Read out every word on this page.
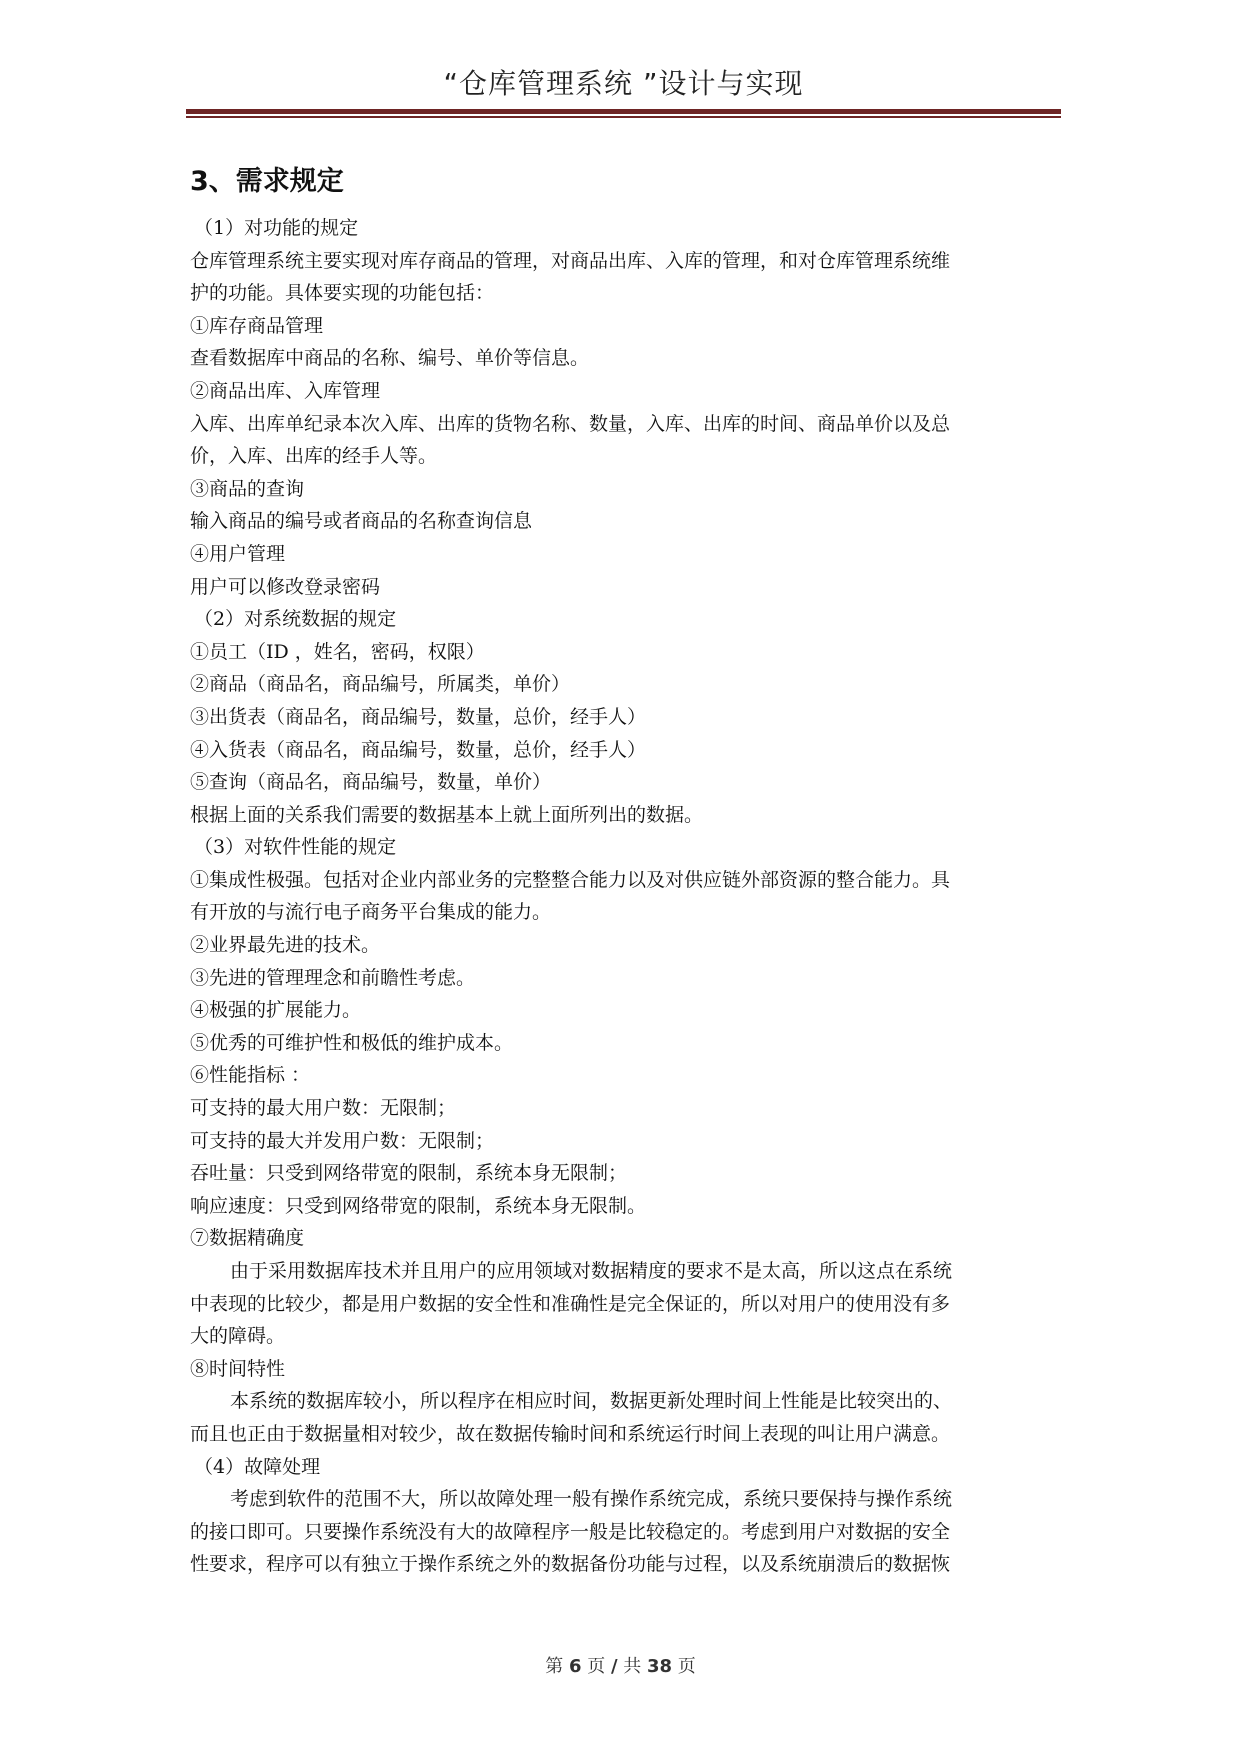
“仓库管理系统 ”设计与实现
3、需求规定
（1）对功能的规定
仓库管理系统主要实现对库存商品的管理，对商品出库、入库的管理，和对仓库管理系统维
护的功能。具体要实现的功能包括：
①库存商品管理
查看数据库中商品的名称、编号、单价等信息。
②商品出库、入库管理
入库、出库单纪录本次入库、出库的货物名称、数量，入库、出库的时间、商品单价以及总
价，入库、出库的经手人等。
③商品的查询
输入商品的编号或者商品的名称查询信息
④用户管理
用户可以修改登录密码
（2）对系统数据的规定
①员工（ID ，姓名，密码，权限）
②商品（商品名，商品编号，所属类，单价）
③出货表（商品名，商品编号，数量，总价，经手人）
④入货表（商品名，商品编号，数量，总价，经手人）
⑤查询（商品名，商品编号，数量，单价）
根据上面的关系我们需要的数据基本上就上面所列出的数据。
（3）对软件性能的规定
①集成性极强。包括对企业内部业务的完整整合能力以及对供应链外部资源的整合能力。具
有开放的与流行电子商务平台集成的能力。
②业界最先进的技术。
③先进的管理理念和前瞻性考虑。
④极强的扩展能力。
⑤优秀的可维护性和极低的维护成本。
⑥性能指标 ：
可支持的最大用户数：无限制；
可支持的最大并发用户数：无限制；
吞吐量：只受到网络带宽的限制，系统本身无限制；
响应速度：只受到网络带宽的限制，系统本身无限制。
⑦数据精确度
由于采用数据库技术并且用户的应用领域对数据精度的要求不是太高，所以这点在系统
中表现的比较少，都是用户数据的安全性和准确性是完全保证的，所以对用户的使用没有多
大的障碍。
⑧时间特性
本系统的数据库较小，所以程序在相应时间，数据更新处理时间上性能是比较突出的、
而且也正由于数据量相对较少，故在数据传输时间和系统运行时间上表现的叫让用户满意。
（4）故障处理
考虑到软件的范围不大，所以故障处理一般有操作系统完成，系统只要保持与操作系统
的接口即可。只要操作系统没有大的故障程序一般是比较稳定的。考虑到用户对数据的安全
性要求，程序可以有独立于操作系统之外的数据备份功能与过程，以及系统崩溃后的数据恢
第 6 页 / 共 38 页
